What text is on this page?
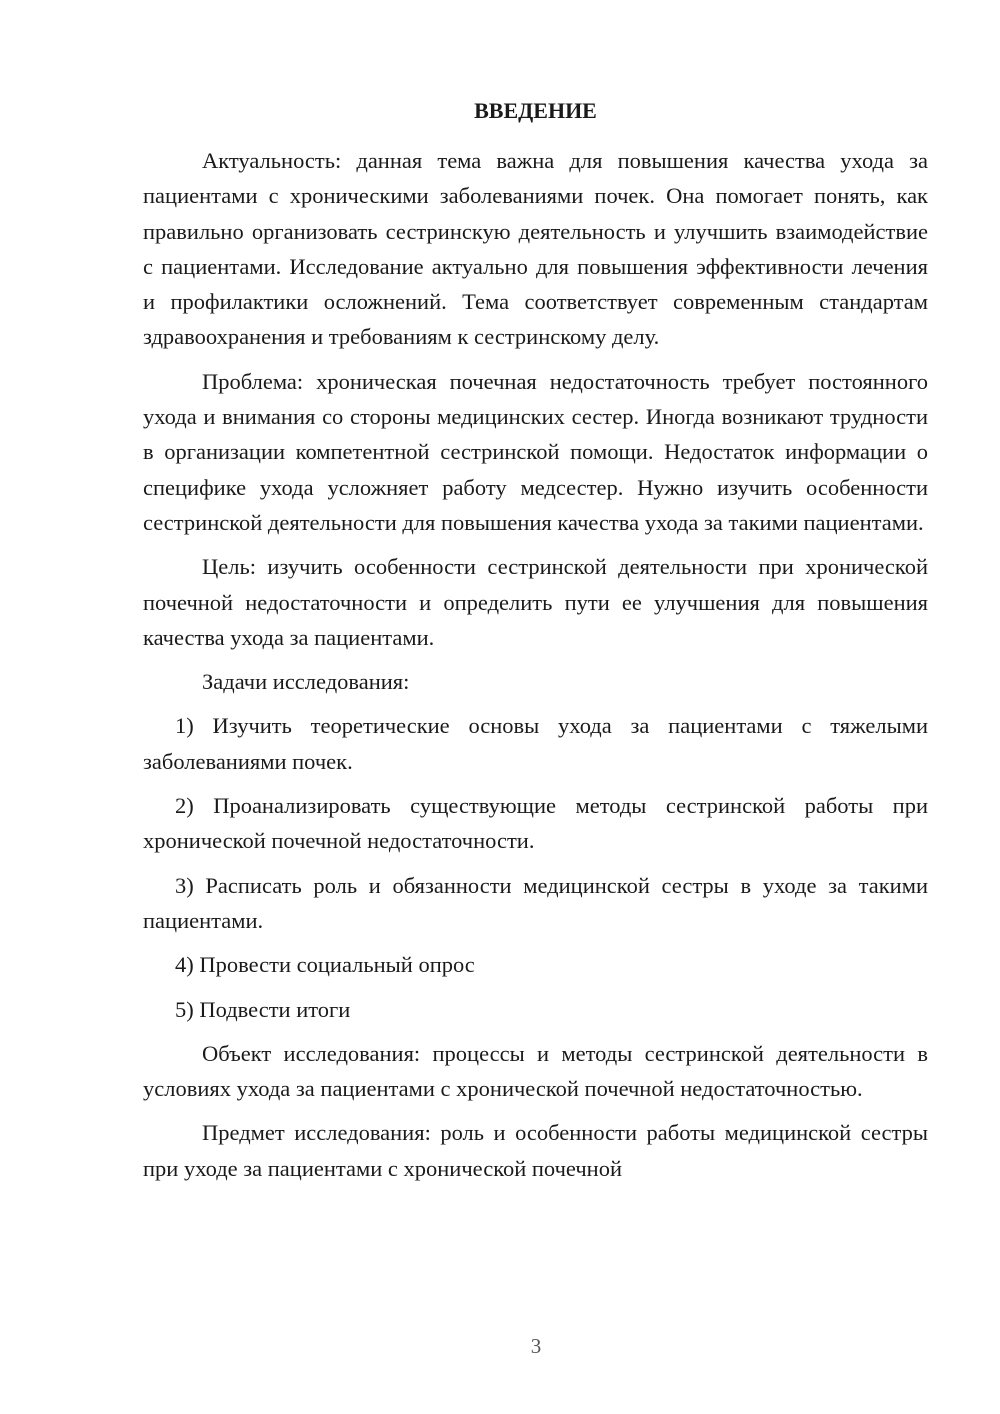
ВВЕДЕНИЕ

Актуальность: данная тема важна для повышения качества ухода за пациентами с хроническими заболеваниями почек. Она помогает понять, как правильно организовать сестринскую деятельность и улучшить взаимодействие с пациентами. Исследование актуально для повышения эффективности лечения и профилактики осложнений. Тема соответствует современным стандартам здравоохранения и требованиям к сестринскому делу.

Проблема: хроническая почечная недостаточность требует постоянного ухода и внимания со стороны медицинских сестер. Иногда возникают трудности в организации компетентной сестринской помощи. Недостаток информации о специфике ухода усложняет работу медсестер. Нужно изучить особенности сестринской деятельности для повышения качества ухода за такими пациентами.

Цель: изучить особенности сестринской деятельности при хронической почечной недостаточности и определить пути ее улучшения для повышения качества ухода за пациентами.

Задачи исследования:

1) Изучить теоретические основы ухода за пациентами с тяжелыми заболеваниями почек.

2) Проанализировать существующие методы сестринской работы при хронической почечной недостаточности.

3) Расписать роль и обязанности медицинской сестры в уходе за такими пациентами.

4) Провести социальный опрос

5) Подвести итоги

Объект исследования: процессы и методы сестринской деятельности в условиях ухода за пациентами с хронической почечной недостаточностью.

Предмет исследования: роль и особенности работы медицинской сестры при уходе за пациентами с хронической почечной

3
